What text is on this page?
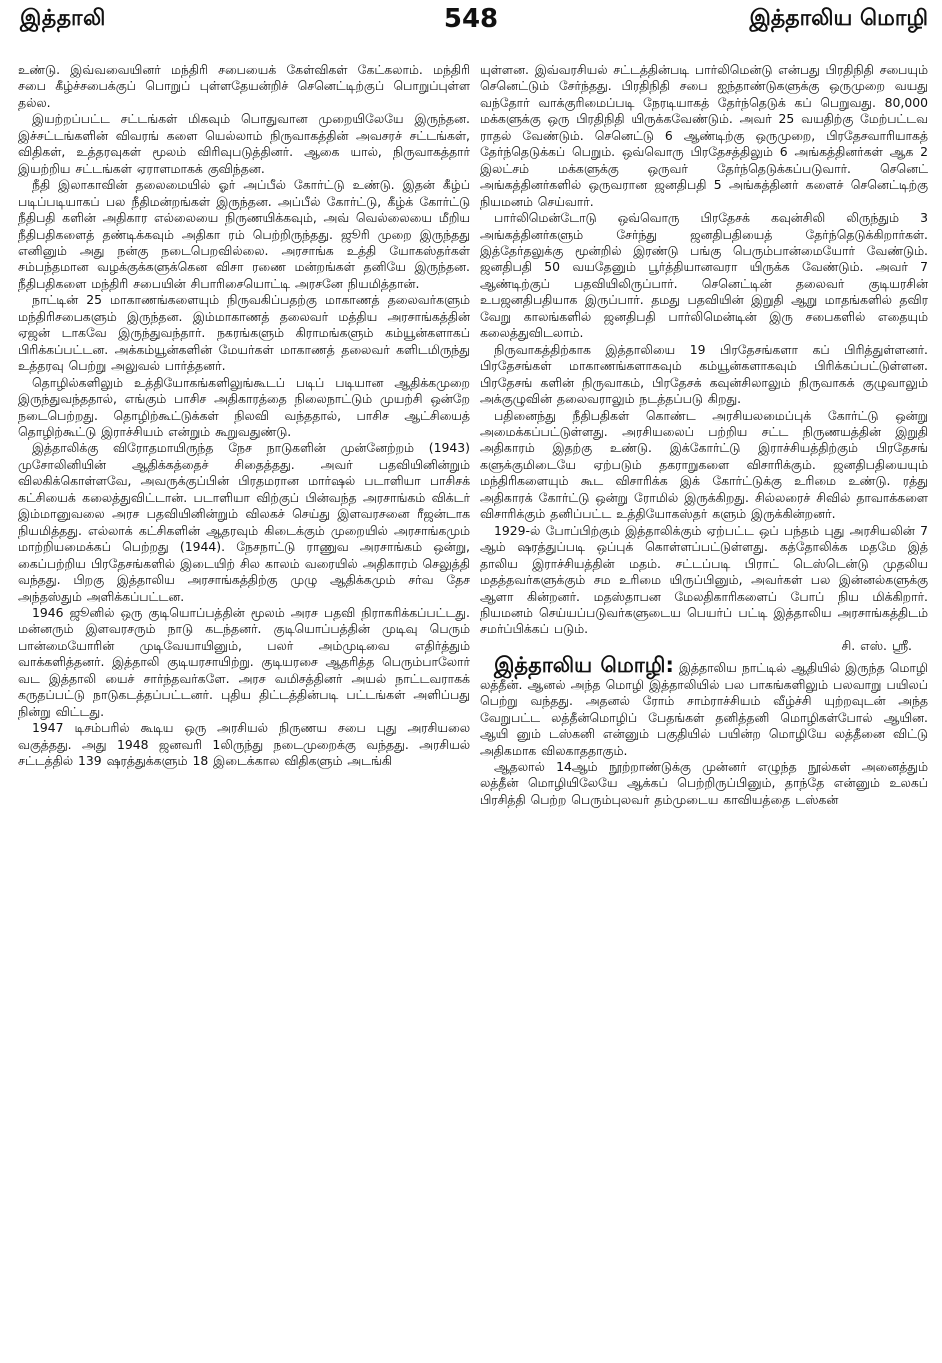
இத்தாலி	548	இத்தாலிய மொழி

உண்டு. இவ்வவையினர் மந்திரி சபையைக் கேள்விகள் கேட்கலாம். மந்திரி சபை கீழ்ச்சபைக்குப் பொறுப் புள்ளதேயன்றிச் செனெட்டிற்குப் பொறுப்புள்ள தல்ல.

இயற்றப்பட்ட சட்டங்கள் மிகவும் பொதுவான முறையிலேயே இருந்தன. இச்சட்டங்களின் விவரங் களை யெல்லாம் நிருவாகத்தின் அவசரச் சட்டங்கள், விதிகள், உத்தரவுகள் மூலம் விரிவுபடுத்தினர். ஆகை யால், நிருவாகத்தார் இயற்றிய சட்டங்கள் ஏராளமாகக் குவிந்தன.

நீதி இலாகாவின் தலைமையில் ஓர் அப்பீல் கோர்ட்டு உண்டு. இதன் கீழ்ப் படிப்படியாகப் பல நீதிமன்றங்கள் இருந்தன. அப்பீல் கோர்ட்டு, கீழ்க் கோர்ட்டு நீதிபதி களின் அதிகார எல்லையை நிருணயிக்கவும், அவ் வெல்லையை மீறிய நீதிபதிகளைத் தண்டிக்கவும் அதிகா ரம் பெற்றிருந்தது. ஜூரி முறை இருந்தது எனினும் அது நன்கு நடைபெறவில்லை. அரசாங்க உத்தி யோகஸ்தர்கள் சம்பந்தமான வழக்குக்களுக்கென விசா ரணை மன்றங்கள் தனியே இருந்தன. நீதிபதிகளை மந்திரி சபையின் சிபாரிசையொட்டி அரசனே நியமித்தான்.

நாட்டின் 25 மாகாணங்களையும் நிருவகிப்பதற்கு மாகாணத் தலைவர்களும் மந்திரிசபைகளும் இருந்தன. இம்மாகாணத் தலைவர் மத்திய அரசாங்கத்தின் ஏஜன் டாகவே இருந்துவந்தார். நகரங்களும் கிராமங்களும் கம்யூன்களாகப் பிரிக்கப்பட்டன. அக்கம்யூன்களின் மேயர்கள் மாகாணத் தலைவர் களிடமிருந்து உத்தரவு பெற்று அலுவல் பார்த்தனர்.

தொழில்களிலும் உத்தியோகங்களிலுங்கூடப் படிப் படியான ஆதிக்கமுறை இருந்துவந்ததால், எங்கும் பாசிச அதிகாரத்தை நிலைநாட்டும் முயற்சி ஒன்றே நடைபெற்றது. தொழிற்கூட்டுக்கள் நிலவி வந்ததால், பாசிச ஆட்சியைத் தொழிற்கூட்டு இராச்சியம் என்றும் கூறுவதுண்டு.

இத்தாலிக்கு விரோதமாயிருந்த நேச நாடுகளின் முன்னேற்றம் (1943) முசோலினியின் ஆதிக்கத்தைச் சிதைத்தது. அவர் பதவியினின்றும் விலகிக்கொள்ளவே, அவருக்குப்பின் பிரதமரான மார்ஷல் படாளியா பாசிசக் கட்சியைக் கலைத்துவிட்டான். படாளியா விற்குப் பின்வந்த அரசாங்கம் விக்டர் இம்மானுவலை அரச பதவியினின்றும் விலகச் செய்து இளவரசனை ரீஜன்டாக நியமித்தது. எல்லாக் கட்சிகளின் ஆதரவும் கிடைக்கும் முறையில் அரசாங்கமும் மாற்றியமைக்கப் பெற்றது (1944). நேசநாட்டு ராணுவ அரசாங்கம் ஒன்று, கைப்பற்றிய பிரதேசங்களில் இடையிற் சில காலம் வரையில் அதிகாரம் செலுத்தி வந்தது. பிறகு இத்தாலிய அரசாங்கத்திற்கு முழு ஆதிக்கமும் சர்வ தேச அந்தஸ்தும் அளிக்கப்பட்டன.

1946 ஜூனில் ஒரு குடியொப்பத்தின் மூலம் அரச பதவி நிராகரிக்கப்பட்டது. மன்னரும் இளவரசரும் நாடு கடந்தனர். குடியொப்பத்தின் முடிவு பெரும் பான்மையோரின் முடிவேயாயினும், பலர் அம்முடிவை எதிர்த்தும் வாக்களித்தனர். இத்தாலி குடியரசாயிற்று. குடியரசை ஆதரித்த பெரும்பாலோர் வட இத்தாலி யைச் சார்ந்தவர்களே. அரச வமிசத்தினர் அயல் நாட்டவராகக் கருதப்பட்டு நாடுகடத்தப்பட்டனர். புதிய திட்டத்தின்படி பட்டங்கள் அளிப்பது நின்று விட்டது.

1947 டிசம்பரில் கூடிய ஒரு அரசியல் நிருணய சபை புது அரசியலை வகுத்தது. அது 1948 ஜனவரி 1லிருந்து நடைமுறைக்கு வந்தது. அரசியல் சட்டத்தில் 139 ஷரத்துக்களும் 18 இடைக்கால விதிகளும் அடங்கி

யுள்ளன. இவ்வரசியல் சட்டத்தின்படி பார்லிமென்டு என்பது பிரதிநிதி சபையும் செனெட்டும் சேர்ந்தது. பிரதிநிதி சபை ஐந்தாண்டுகளுக்கு ஒருமுறை வயது வந்தோர் வாக்குரிமைப்படி நேரடியாகத் தேர்ந்தெடுக் கப் பெறுவது. 80,000 மக்களுக்கு ஒரு பிரதிநிதி யிருக்கவேண்டும். அவர் 25 வயதிற்கு மேற்பட்டவ ராதல் வேண்டும். செனெட்டு 6 ஆண்டிற்கு ஒருமுறை, பிரதேசவாரியாகத் தேர்ந்தெடுக்கப் பெறும். ஒவ்வொரு பிரதேசத்திலும் 6 அங்கத்தினர்கள் ஆக 2 இலட்சம் மக்களுக்கு ஒருவர் தேர்ந்தெடுக்கப்படுவார். செனெட் அங்கத்தினர்களில் ஒருவரான ஜனதிபதி 5 அங்கத்தினர் களைச் செனெட்டிற்கு நியமனம் செய்வார்.

பார்லிமென்டோடு ஒவ்வொரு பிரதேசக் கவுன்சிலி லிருந்தும் 3 அங்கத்தினர்களும் சேர்ந்து ஜனதிபதியைத் தேர்ந்தெடுக்கிறார்கள். இத்தேர்தலுக்கு மூன்றில் இரண்டு பங்கு பெரும்பான்மையோர் வேண்டும். ஜனதிபதி 50 வயதேனும் பூர்த்தியானவரா யிருக்க வேண்டும். அவர் 7 ஆண்டிற்குப் பதவியிலிருப்பார். செனெட்டின் தலைவர் குடியரசின் உபஜனதிபதியாக இருப்பார். தமது பதவியின் இறுதி ஆறு மாதங்களில் தவிர வேறு காலங்களில் ஜனதிபதி பார்லிமென்டின் இரு சபைகளில் எதையும் கலைத்துவிடலாம்.

நிருவாகத்திற்காக இத்தாலியை 19 பிரதேசங்களா கப் பிரித்துள்ளனர். பிரதேசங்கள் மாகாணங்களாகவும் கம்யூன்களாகவும் பிரிக்கப்பட்டுள்ளன. பிரதேசங் களின் நிருவாகம், பிரதேசக் கவுன்சிலாலும் நிருவாகக் குழுவாலும் அக்குழுவின் தலைவராலும் நடத்தப்படு கிறது.

பதினைந்து நீதிபதிகள் கொண்ட அரசியலமைப்புக் கோர்ட்டு ஒன்று அமைக்கப்பட்டுள்ளது. அரசியலைப் பற்றிய சட்ட நிருணயத்தின் இறுதி அதிகாரம் இதற்கு உண்டு. இக்கோர்ட்டு இராச்சியத்திற்கும் பிரதேசங் களுக்குமிடையே ஏற்படும் தகராறுகளை விசாரிக்கும். ஜனதிபதியையும் மந்திரிகளையும் கூட விசாரிக்க இக் கோர்ட்டுக்கு உரிமை உண்டு. ரத்து அதிகாரக் கோர்ட்டு ஒன்று ரோமில் இருக்கிறது. சில்லரைச் சிவில் தாவாக்களை விசாரிக்கும் தனிப்பட்ட உத்தியோகஸ்தர் களும் இருக்கின்றனர்.

1929-ல் போப்பிற்கும் இத்தாலிக்கும் ஏற்பட்ட ஒப் பந்தம் புது அரசியலின் 7 ஆம் ஷரத்துப்படி ஒப்புக் கொள்ளப்பட்டுள்ளது. கத்தோலிக்க மதமே இத் தாலிய இராச்சியத்தின் மதம். சட்டப்படி பிராட் டெஸ்டென்டு முதலிய மதத்தவர்களுக்கும் சம உரிமை யிருப்பினும், அவர்கள் பல இன்னல்களுக்கு ஆளா கின்றனர். மதஸ்தாபன மேலதிகாரிகளைப் போப் நிய மிக்கிறார். நியமனம் செய்யப்படுவர்களுடைய பெயர்ப் பட்டி இத்தாலிய அரசாங்கத்திடம் சமர்ப்பிக்கப் படும்.

சி. எஸ். ஸ்ரீ.

இத்தாலிய மொழி: இத்தாலிய நாட்டில் ஆதியில் இருந்த மொழி லத்தீன். ஆனல் அந்த மொழி இத்தாலியில் பல பாகங்களிலும் பலவாறு பயிலப் பெற்று வந்தது. அதனல் ரோம் சாம்ராச்சியம் வீழ்ச்சி யுற்றவுடன் அந்த வேறுபட்ட லத்தீன்மொழிப் பேதங்கள் தனித்தனி மொழிகள்போல் ஆயின. ஆயி னும் டஸ்கனி என்னும் பகுதியில் பயின்ற மொழியே லத்தீனை விட்டு அதிகமாக விலகாததாகும்.

ஆதலால் 14ஆம் நூற்றாண்டுக்கு முன்னர் எழுந்த நூல்கள் அனைத்தும் லத்தீன் மொழியிலேயே ஆக்கப் பெற்றிருப்பினும், தாந்தே என்னும் உலகப் பிரசித்தி பெற்ற பெரும்புலவர் தம்முடைய காவியத்தை டஸ்கன்
